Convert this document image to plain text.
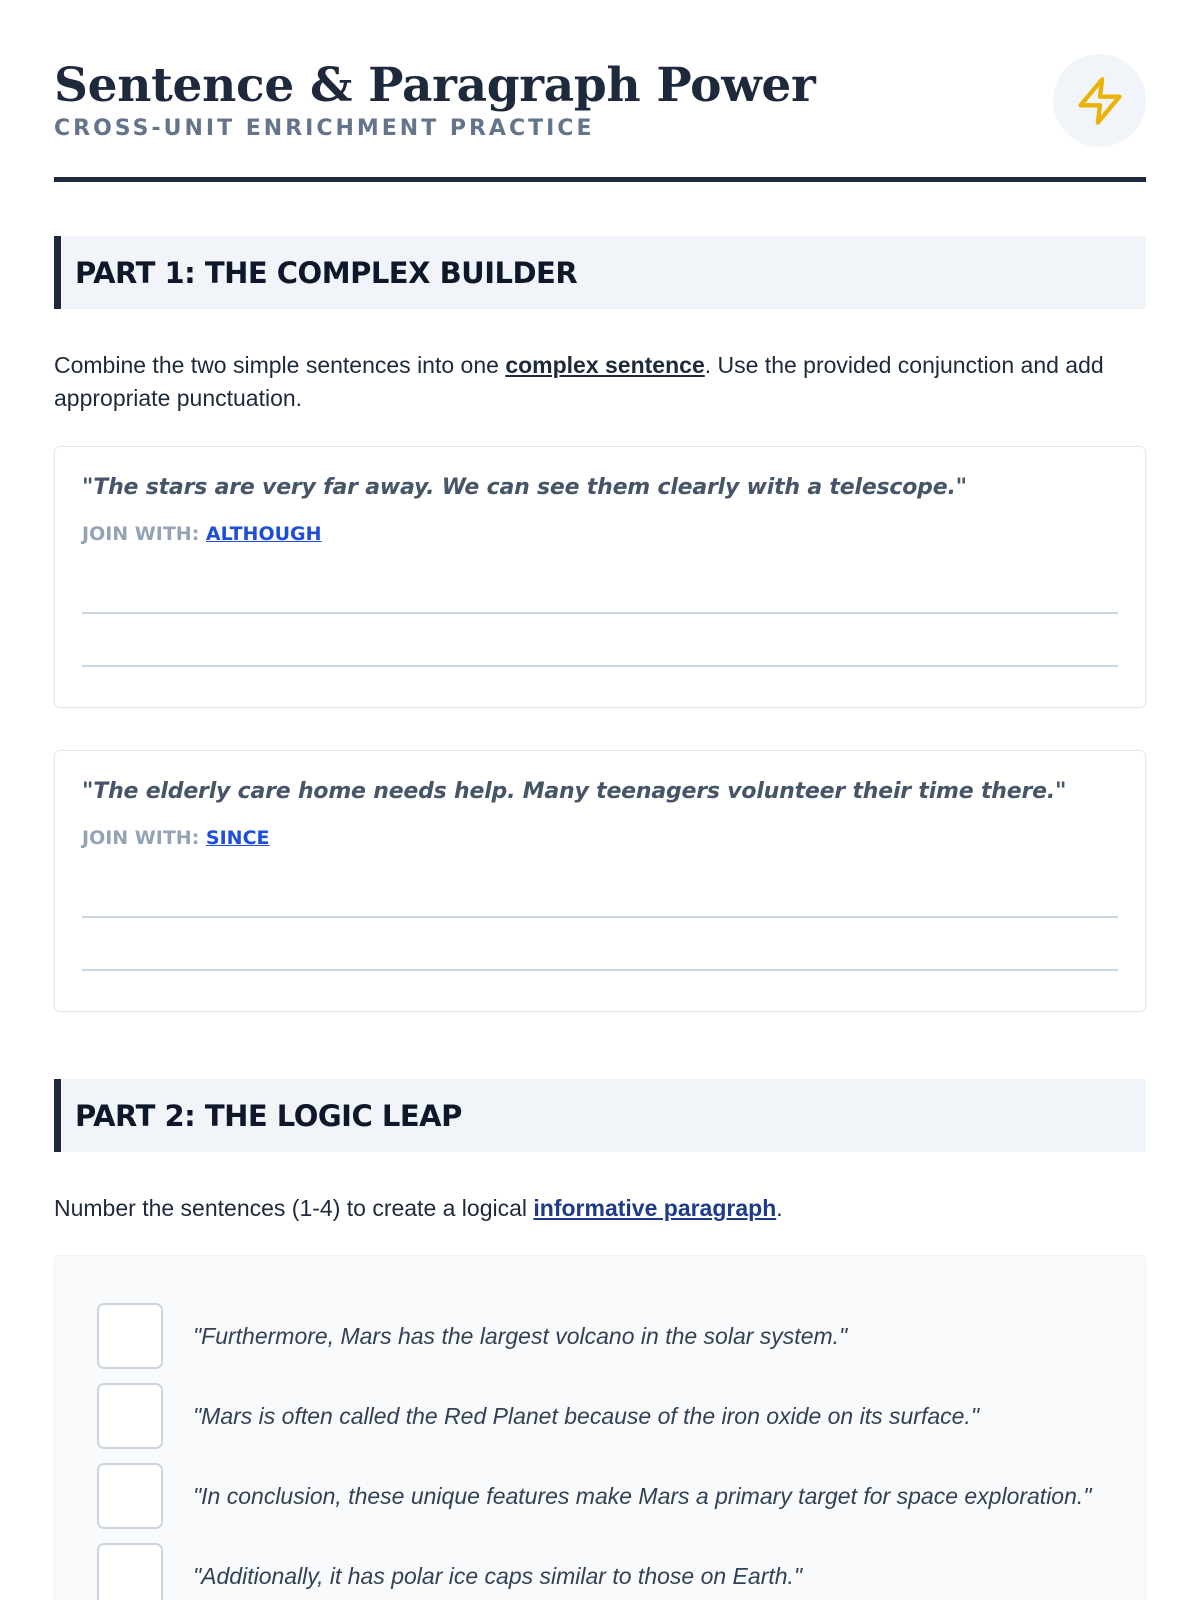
Sentence & Paragraph Power
CROSS-UNIT ENRICHMENT PRACTICE
PART 1: THE COMPLEX BUILDER

Combine the two simple sentences into one complex sentence. Use the provided conjunction and add appropriate punctuation.

"The stars are very far away. We can see them clearly with a telescope."
JOIN WITH: ALTHOUGH
"The elderly care home needs help. Many teenagers volunteer their time there."
JOIN WITH: SINCE
PART 2: THE LOGIC LEAP

Number the sentences (1-4) to create a logical informative paragraph.

"Furthermore, Mars has the largest volcano in the solar system."
"Mars is often called the Red Planet because of the iron oxide on its surface."
"In conclusion, these unique features make Mars a primary target for space exploration."
"Additionally, it has polar ice caps similar to those on Earth."
